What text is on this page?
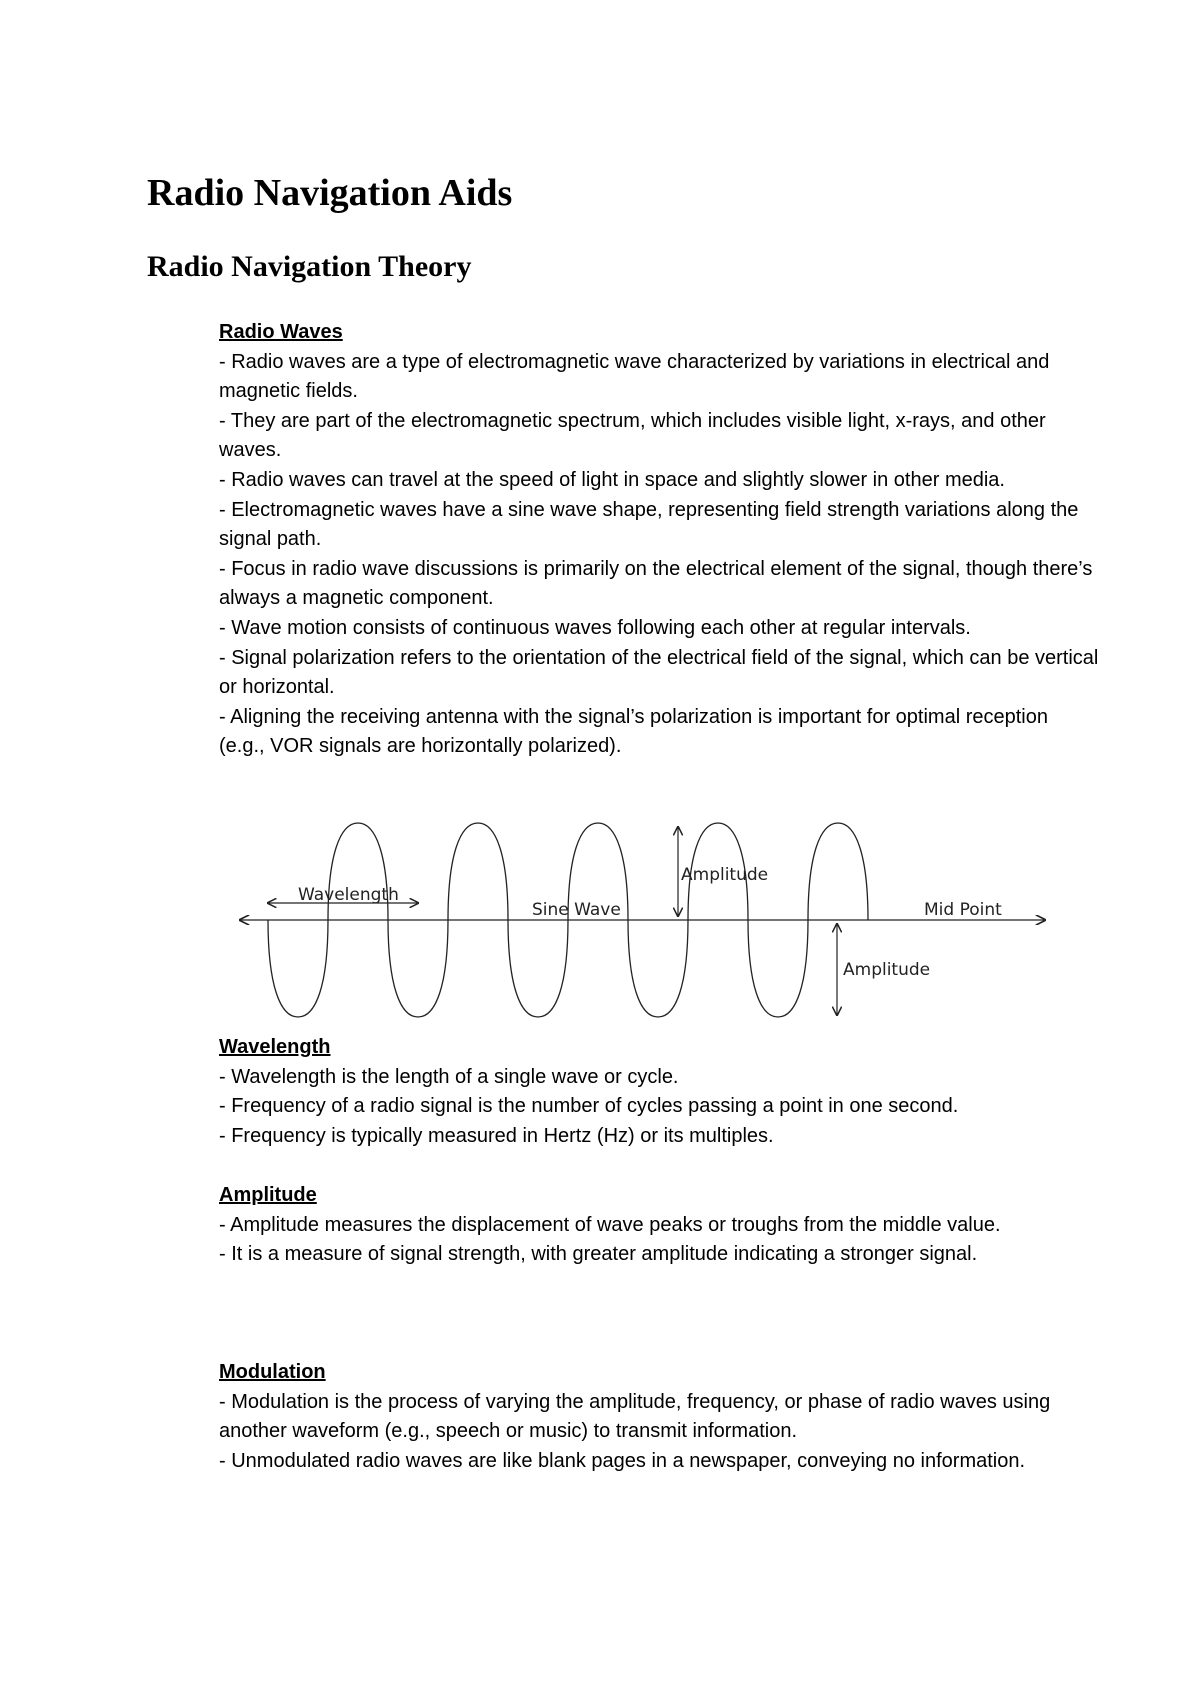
Radio Navigation Aids
Radio Navigation Theory
Radio Waves
- Radio waves are a type of electromagnetic wave characterized by variations in electrical and magnetic fields.
- They are part of the electromagnetic spectrum, which includes visible light, x-rays, and other waves.
- Radio waves can travel at the speed of light in space and slightly slower in other media.
- Electromagnetic waves have a sine wave shape, representing field strength variations along the signal path.
- Focus in radio wave discussions is primarily on the electrical element of the signal, though there’s always a magnetic component.
- Wave motion consists of continuous waves following each other at regular intervals.
- Signal polarization refers to the orientation of the electrical field of the signal, which can be vertical or horizontal.
- Aligning the receiving antenna with the signal’s polarization is important for optimal reception (e.g., VOR signals are horizontally polarized).
Wavelength
Sine Wave
Amplitude
Amplitude
Mid Point
Wavelength
- Wavelength is the length of a single wave or cycle.
- Frequency of a radio signal is the number of cycles passing a point in one second.
- Frequency is typically measured in Hertz (Hz) or its multiples.
Amplitude
- Amplitude measures the displacement of wave peaks or troughs from the middle value.
- It is a measure of signal strength, with greater amplitude indicating a stronger signal.
Modulation
- Modulation is the process of varying the amplitude, frequency, or phase of radio waves using another waveform (e.g., speech or music) to transmit information.
- Unmodulated radio waves are like blank pages in a newspaper, conveying no information.
